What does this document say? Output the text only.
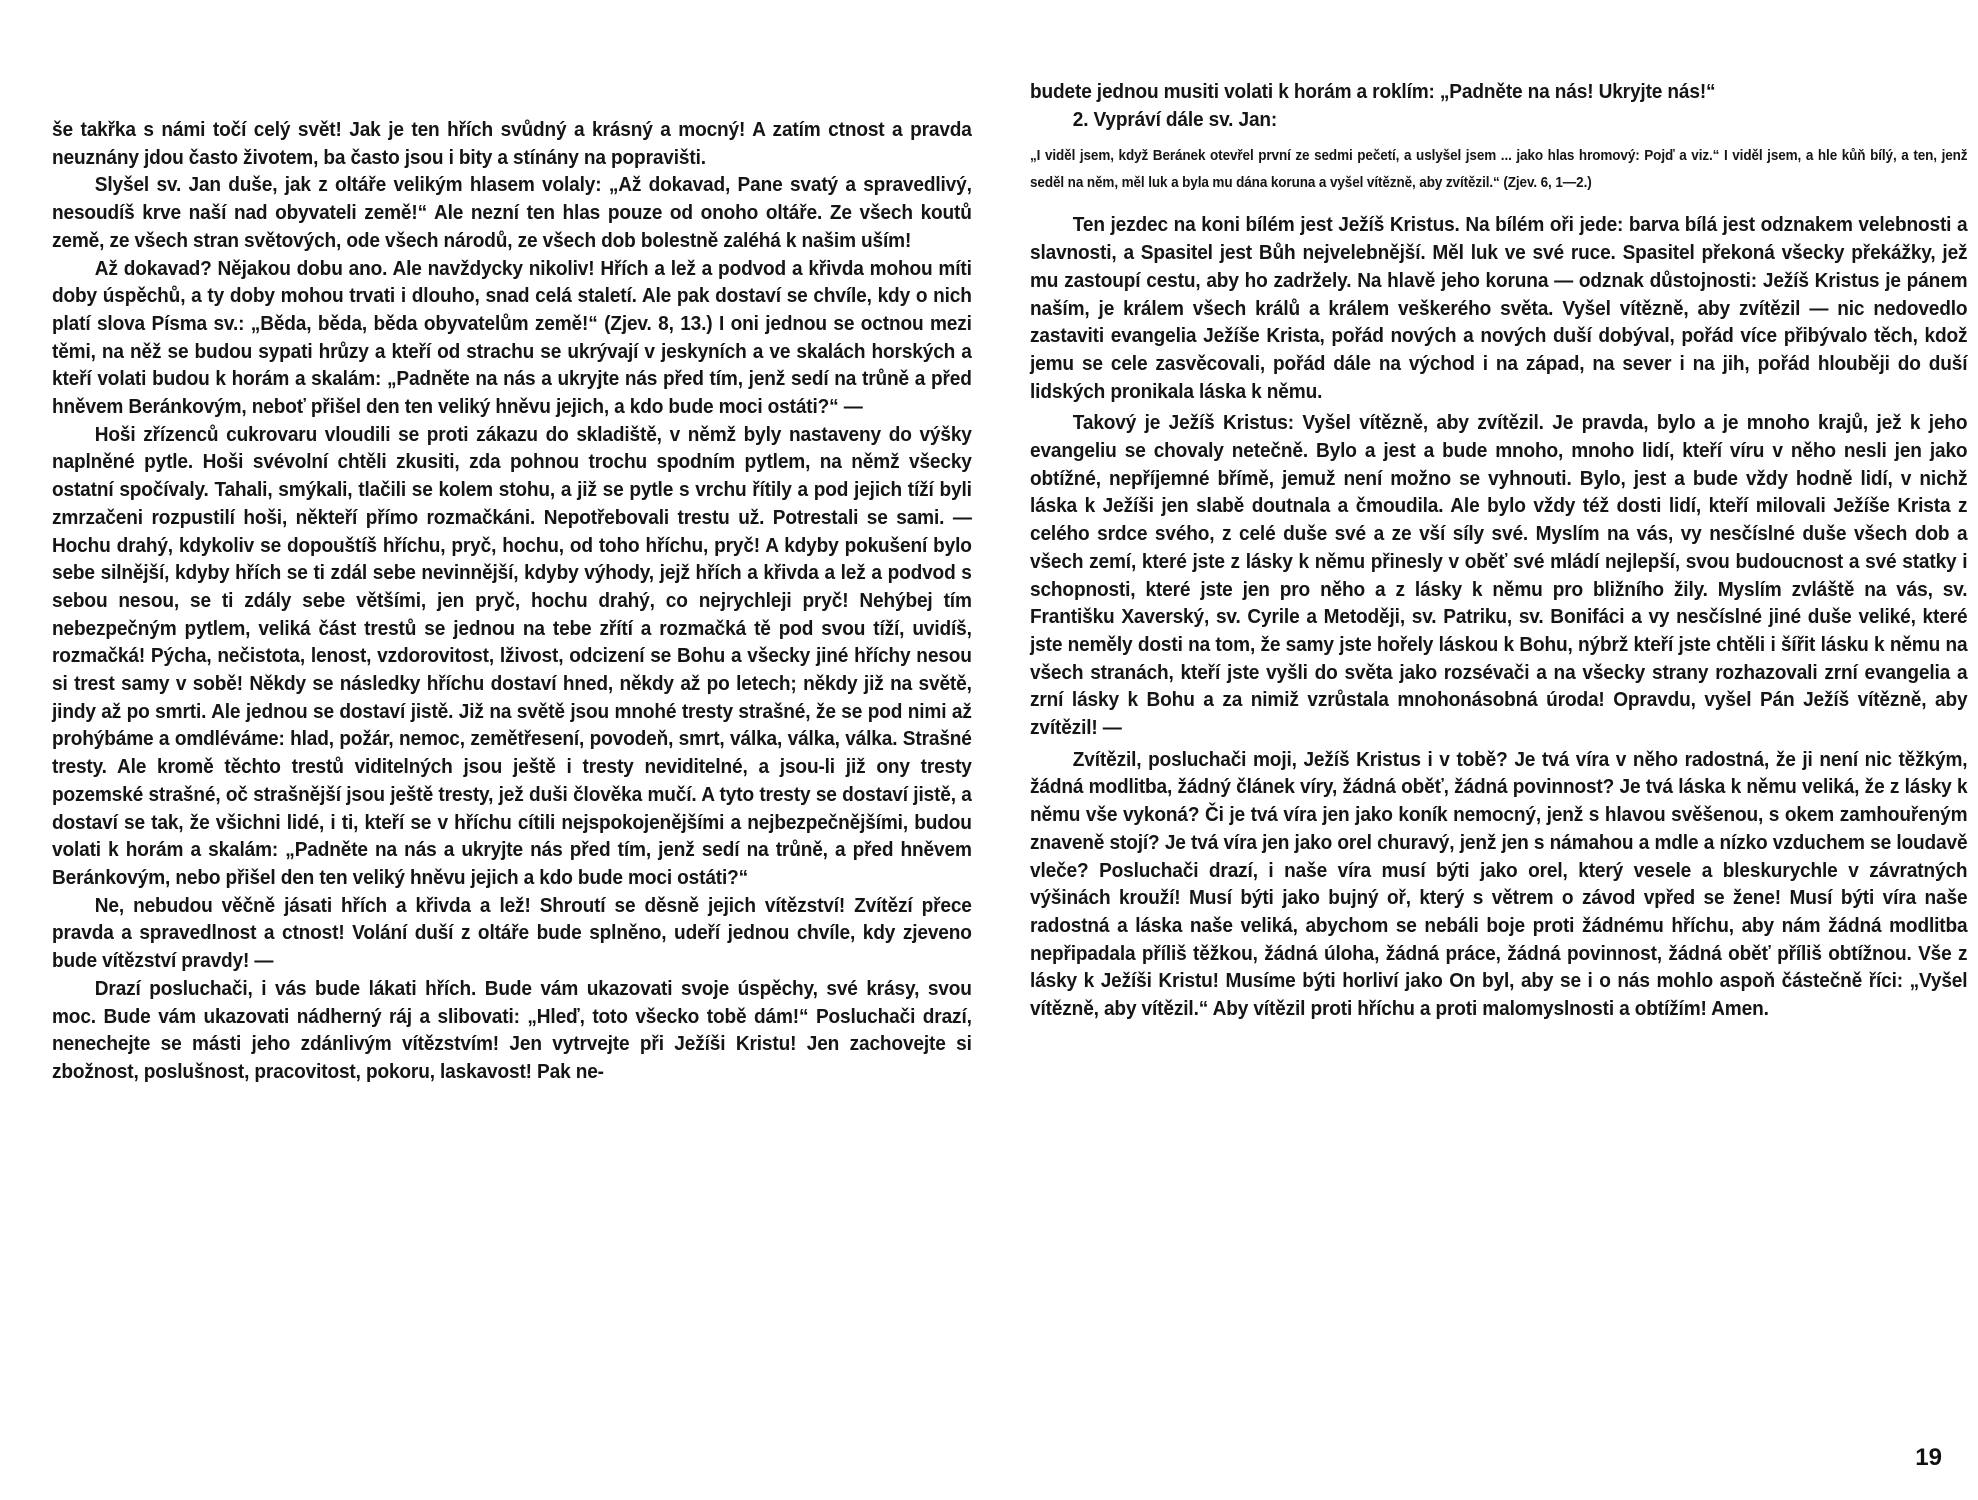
še takřka s námi točí celý svět! Jak je ten hřích svůdný a krásný a mocný! A zatím ctnost a pravda neuznány jdou často životem, ba často jsou i bity a stínány na popravišti.

Slyšel sv. Jan duše, jak z oltáře velikým hlasem volaly: „Až dokavad, Pane svatý a spravedlivý, nesoudíš krve naší nad obyvateli země!“ Ale nezní ten hlas pouze od onoho oltáře. Ze všech koutů země, ze všech stran světových, ode všech národů, ze všech dob bolestně zaléhá k našim uším!

Až dokavad? Nějakou dobu ano. Ale navždycky nikoliv! Hřích a lež a podvod a křivda mohou míti doby úspěchů, a ty doby mohou trvati i dlouho, snad celá staletí. Ale pak dostaví se chvíle, kdy o nich platí slova Písma sv.: „Běda, běda, běda obyvatelům země!“ (Zjev. 8, 13.) I oni jednou se octnou mezi těmi, na něž se budou sypati hrůzy a kteří od strachu se ukrývají v jeskyních a ve skalách horských a kteří volati budou k horám a skalám: „Padněte na nás a ukryjte nás před tím, jenž sedí na trůně a před hněvem Beránkovým, neboť přišel den ten veliký hněvu jejich, a kdo bude moci ostáti?“ —

Hoši zřízenců cukrovaru vloudili se proti zákazu do skladiště, v němž byly nastaveny do výšky naplněné pytle. Hoši svévolní chtěli zkusiti, zda pohnou trochu spodním pytlem, na němž všecky ostatní spočívaly. Tahali, smýkali, tlačili se kolem stohu, a již se pytle s vrchu řítily a pod jejich tíží byli zmrzačeni rozpustilí hoši, někteří přímo rozmačkáni. Nepotřebovali trestu už. Potrestali se sami. — Hochu drahý, kdykoliv se dopouštíš hříchu, pryč, hochu, od toho hříchu, pryč! A kdyby pokušení bylo sebe silnější, kdyby hřích se ti zdál sebe nevinnější, kdyby výhody, jejž hřích a křivda a lež a podvod s sebou nesou, se ti zdály sebe většími, jen pryč, hochu drahý, co nejrychleji pryč! Nehýbej tím nebezpečným pytlem, veliká část trestů se jednou na tebe zřítí a rozmačká tě pod svou tíží, uvidíš, rozmačká! Pýcha, nečistota, lenost, vzdorovitost, lživost, odcizení se Bohu a všecky jiné hříchy nesou si trest samy v sobě! Někdy se následky hříchu dostaví hned, někdy až po letech; někdy již na světě, jindy až po smrti. Ale jednou se dostaví jistě. Již na světě jsou mnohé tresty strašné, že se pod nimi až prohýbáme a omdléváme: hlad, požár, nemoc, zemětřesení, povodeň, smrt, válka, válka, válka. Strašné tresty. Ale kromě těchto trestů viditelných jsou ještě i tresty neviditelné, a jsou-li již ony tresty pozemské strašné, oč strašnější jsou ještě tresty, jež duši člověka mučí. A tyto tresty se dostaví jistě, a dostaví se tak, že všichni lidé, i ti, kteří se v hříchu cítili nejspokojenějšími a nejbezpečnějšími, budou volati k horám a skalám: „Padněte na nás a ukryjte nás před tím, jenž sedí na trůně, a před hněvem Beránkovým, nebo přišel den ten veliký hněvu jejich a kdo bude moci ostáti?“

Ne, nebudou věčně jásati hřích a křivda a lež! Shroutí se děsně jejich vítězství! Zvítězí přece pravda a spravedlnost a ctnost! Volání duší z oltáře bude splněno, udeří jednou chvíle, kdy zjeveno bude vítězství pravdy! —

Drazí posluchači, i vás bude lákati hřích. Bude vám ukazovati svoje úspěchy, své krásy, svou moc. Bude vám ukazovati nádherný ráj a slibovati: „Hleď, toto všecko tobě dám!“ Posluchači drazí, nenechejte se másti jeho zdánlivým vítězstvím! Jen vytrvejte při Ježíši Kristu! Jen zachovejte si zbožnost, poslušnost, pracovitost, pokoru, laskavost! Pak ne-

budete jednou musiti volati k horám a roklím: „Padněte na nás! Ukryjte nás!“

2. Vypráví dále sv. Jan:

„I viděl jsem, když Beránek otevřel první ze sedmi pečetí, a uslyšel jsem ... jako hlas hromový: Pojď a viz.“ I viděl jsem, a hle kůň bílý, a ten, jenž seděl na něm, měl luk a byla mu dána koruna a vyšel vítězně, aby zvítězil.“ (Zjev. 6, 1—2.)

Ten jezdec na koni bílém jest Ježíš Kristus. Na bílém oři jede: barva bílá jest odznakem velebnosti a slavnosti, a Spasitel jest Bůh nejvelebnější. Měl luk ve své ruce. Spasitel překoná všecky překážky, jež mu zastoupí cestu, aby ho zadržely. Na hlavě jeho koruna — odznak důstojnosti: Ježíš Kristus je pánem naším, je králem všech králů a králem veškerého světa. Vyšel vítězně, aby zvítězil — nic nedovedlo zastaviti evangelia Ježíše Krista, pořád nových a nových duší dobýval, pořád více přibývalo těch, kdož jemu se cele zasvěcovali, pořád dále na východ i na západ, na sever i na jih, pořád hlouběji do duší lidských pronikala láska k němu.

Takový je Ježíš Kristus: Vyšel vítězně, aby zvítězil. Je pravda, bylo a je mnoho krajů, jež k jeho evangeliu se chovaly netečně. Bylo a jest a bude mnoho, mnoho lidí, kteří víru v něho nesli jen jako obtížné, nepříjemné břímě, jemuž není možno se vyhnouti. Bylo, jest a bude vždy hodně lidí, v nichž láska k Ježíši jen slabě doutnala a čmoudila. Ale bylo vždy též dosti lidí, kteří milovali Ježíše Krista z celého srdce svého, z celé duše své a ze vší síly své. Myslím na vás, vy nesčíslné duše všech dob a všech zemí, které jste z lásky k němu přinesly v oběť své mládí nejlepší, svou budoucnost a své statky i schopnosti, které jste jen pro něho a z lásky k němu pro bližního žily. Myslím zvláště na vás, sv. Františku Xaverský, sv. Cyrile a Metoději, sv. Patriku, sv. Bonifáci a vy nesčíslné jiné duše veliké, které jste neměly dosti na tom, že samy jste hořely láskou k Bohu, nýbrž kteří jste chtěli i šířit lásku k němu na všech stranách, kteří jste vyšli do světa jako rozsévači a na všecky strany rozhazovali zrní evangelia a zrní lásky k Bohu a za nimiž vzrůstala mnohonásobná úroda! Opravdu, vyšel Pán Ježíš vítězně, aby zvítězil! —

Zvítězil, posluchači moji, Ježíš Kristus i v tobě? Je tvá víra v něho radostná, že ji není nic těžkým, žádná modlitba, žádný článek víry, žádná oběť, žádná povinnost? Je tvá láska k němu veliká, že z lásky k němu vše vykoná? Či je tvá víra jen jako koník nemocný, jenž s hlavou svěšenou, s okem zamhouřeným znaveně stojí? Je tvá víra jen jako orel churavý, jenž jen s námahou a mdle a nízko vzduchem se loudavě vleče? Posluchači drazí, i naše víra musí býti jako orel, který vesele a bleskurychle v závratných výšinách krouží! Musí býti jako bujný oř, který s větrem o závod vpřed se žene! Musí býti víra naše radostná a láska naše veliká, abychom se nebáli boje proti žádnému hříchu, aby nám žádná modlitba nepřipadala příliš těžkou, žádná úloha, žádná práce, žádná povinnost, žádná oběť příliš obtížnou. Vše z lásky k Ježíši Kristu! Musíme býti horliví jako On byl, aby se i o nás mohlo aspoň částečně říci: „Vyšel vítězně, aby vítězil.“ Aby vítězil proti hříchu a proti malomyslnosti a obtížím! Amen.

19
